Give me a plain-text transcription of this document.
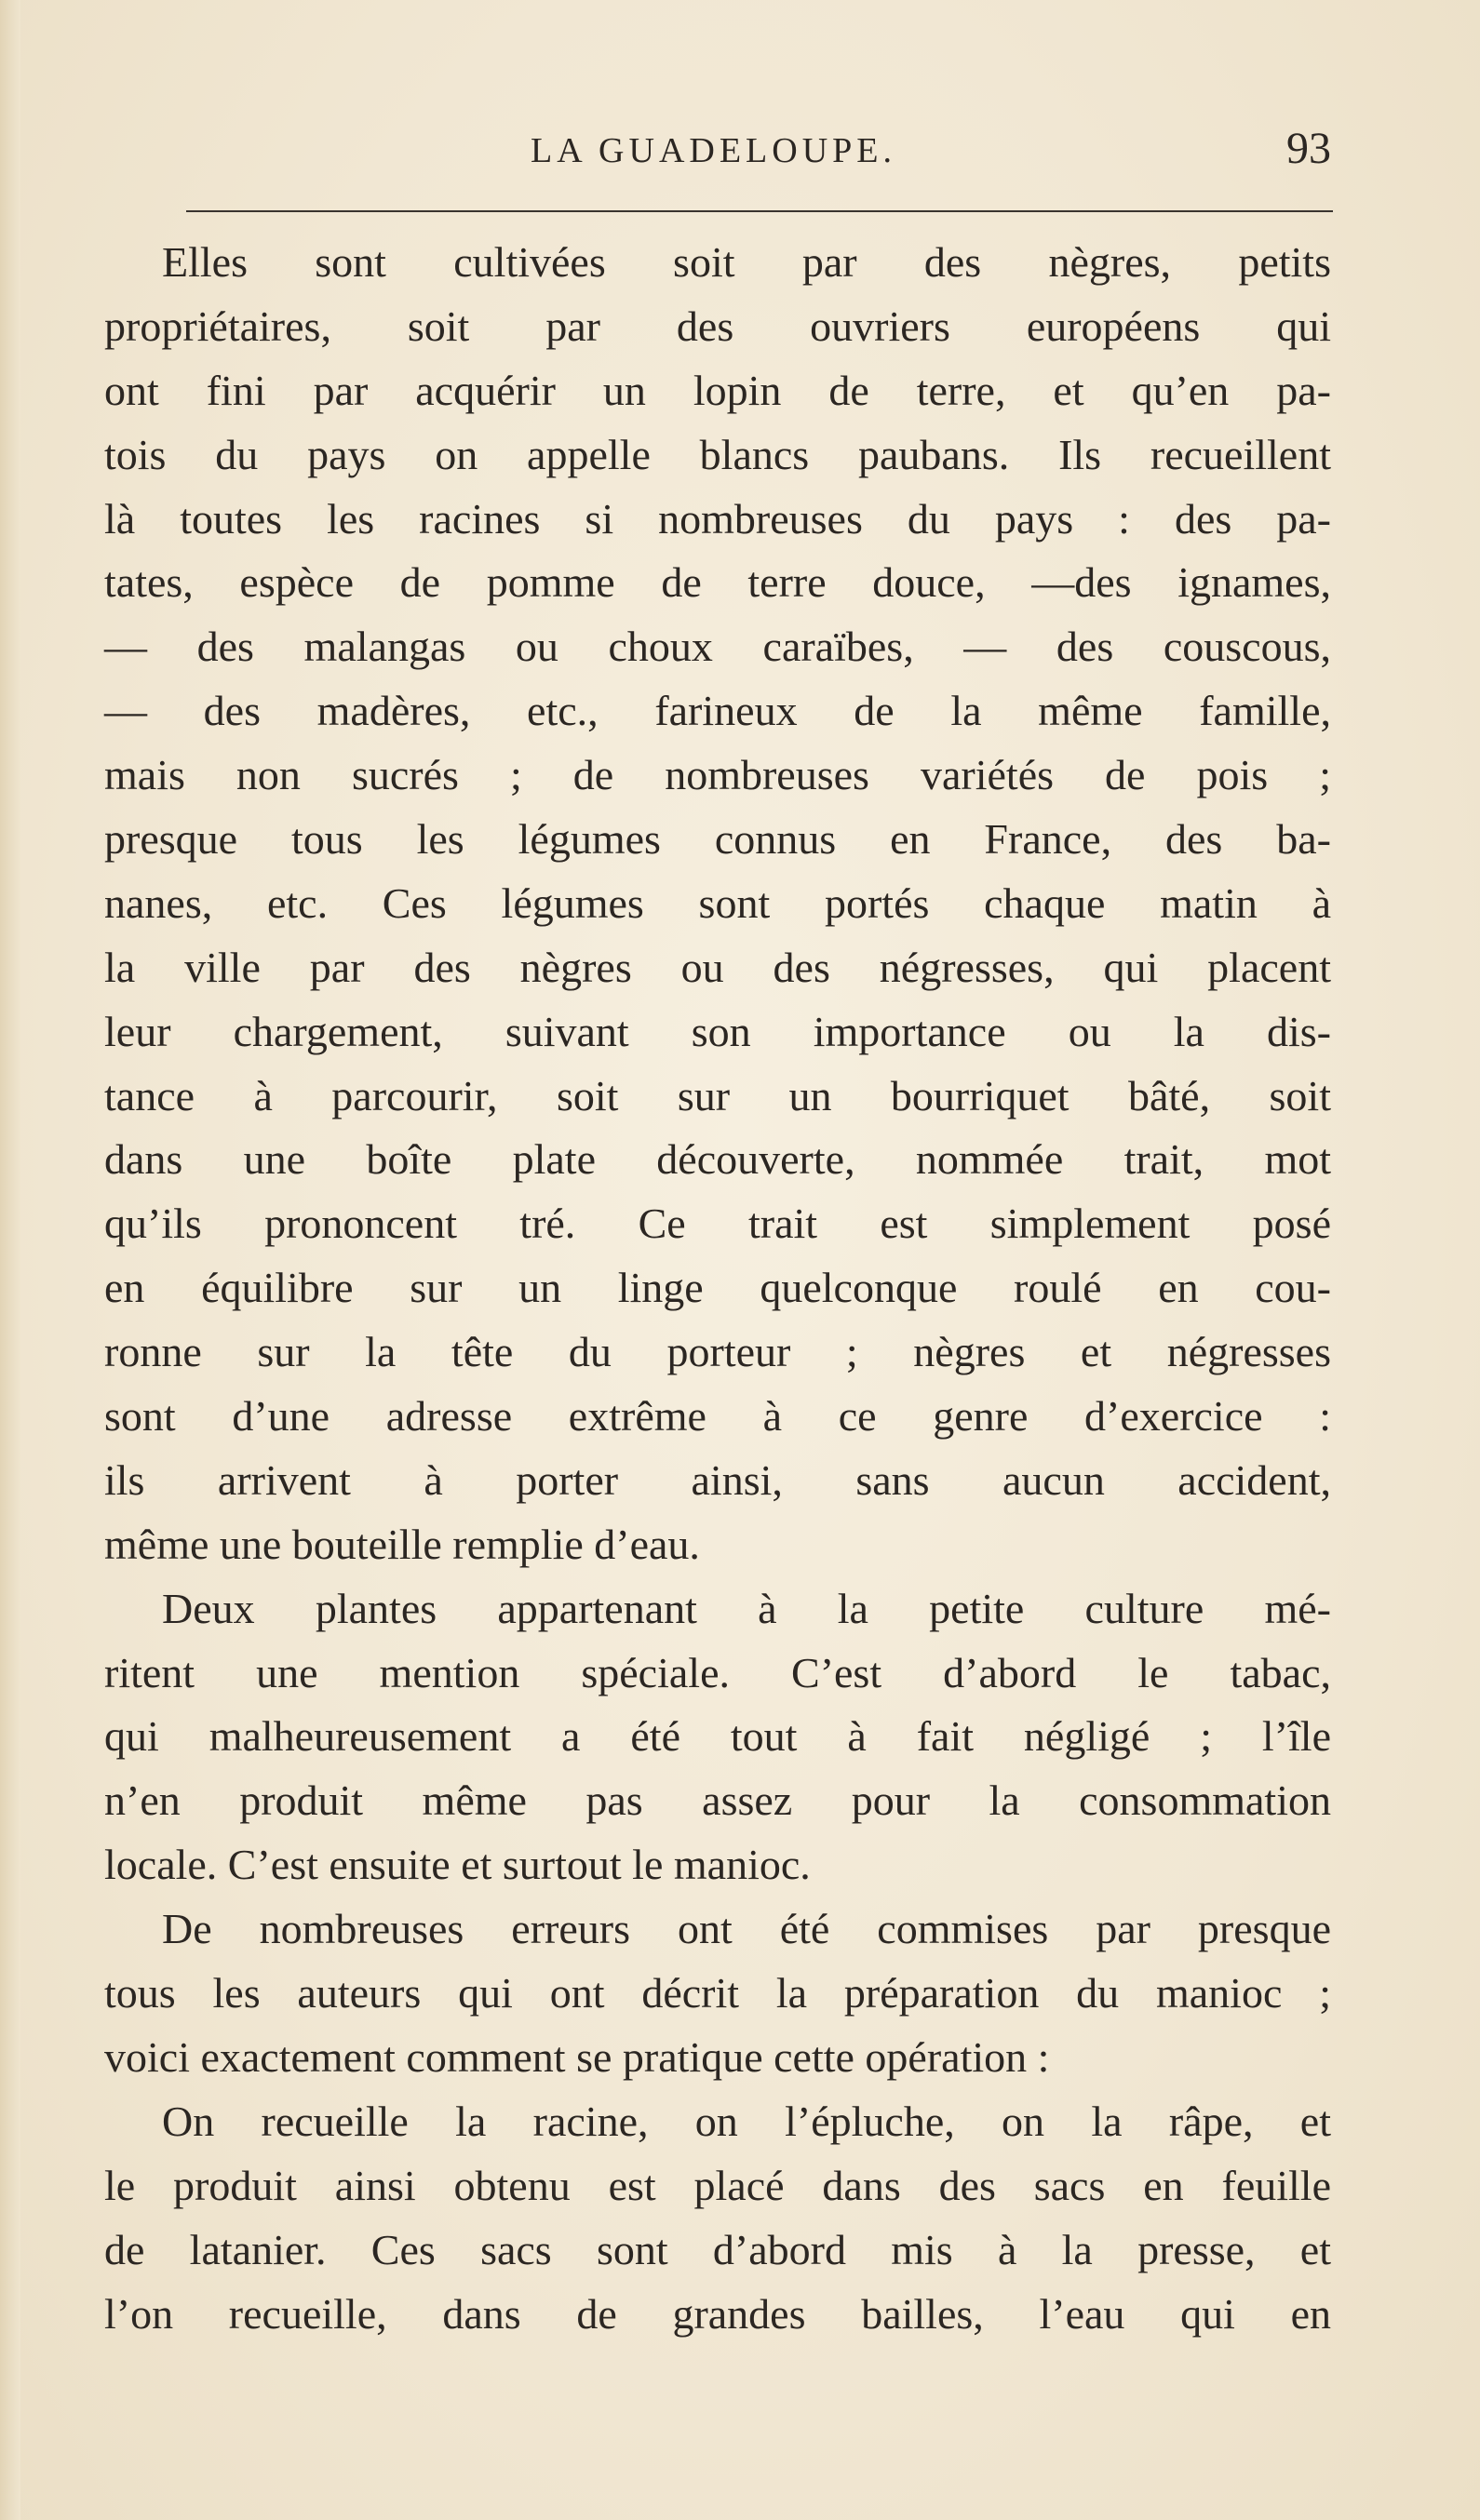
LA GUADELOUPE.	93
Elles sont cultivées soit par des nègres, petits
propriétaires, soit par des ouvriers européens qui
ont fini par acquérir un lopin de terre, et qu’en pa-
tois du pays on appelle blancs paubans. Ils recueillent
là toutes les racines si nombreuses du pays : des pa-
tates, espèce de pomme de terre douce, —des ignames,
— des malangas ou choux caraïbes, — des couscous,
— des madères, etc., farineux de la même famille,
mais non sucrés ; de nombreuses variétés de pois ;
presque tous les légumes connus en France, des ba-
nanes, etc. Ces légumes sont portés chaque matin à
la ville par des nègres ou des négresses, qui placent
leur chargement, suivant son importance ou la dis-
tance à parcourir, soit sur un bourriquet bâté, soit
dans une boîte plate découverte, nommée trait, mot
qu’ils prononcent tré. Ce trait est simplement posé
en équilibre sur un linge quelconque roulé en cou-
ronne sur la tête du porteur ; nègres et négresses
sont d’une adresse extrême à ce genre d’exercice :
ils arrivent à porter ainsi, sans aucun accident,
même une bouteille remplie d’eau.
Deux plantes appartenant à la petite culture mé-
ritent une mention spéciale. C’est d’abord le tabac,
qui malheureusement a été tout à fait négligé ; l’île
n’en produit même pas assez pour la consommation
locale. C’est ensuite et surtout le manioc.
De nombreuses erreurs ont été commises par presque
tous les auteurs qui ont décrit la préparation du manioc ;
voici exactement comment se pratique cette opération :
On recueille la racine, on l’épluche, on la râpe, et
le produit ainsi obtenu est placé dans des sacs en feuille
de latanier. Ces sacs sont d’abord mis à la presse, et
l’on recueille, dans de grandes bailles, l’eau qui en
